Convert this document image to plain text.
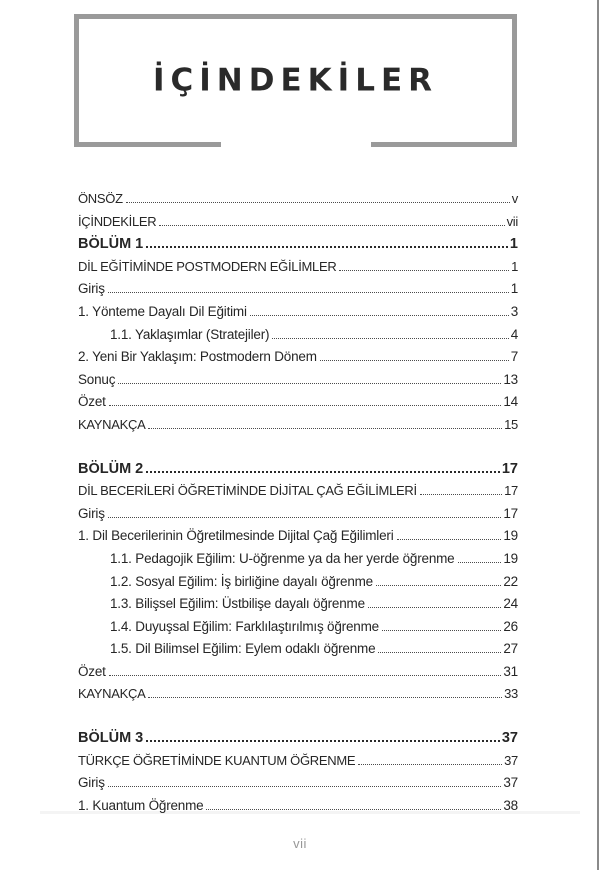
İÇİNDEKİLER
ÖNSÖZ	v
İÇİNDEKİLER	vii
BÖLÜM 1	1
DİL EĞİTİMİNDE POSTMODERN EĞİLİMLER	1
Giriş	1
1. Yönteme Dayalı Dil Eğitimi	3
1.1. Yaklaşımlar (Stratejiler)	4
2. Yeni Bir Yaklaşım: Postmodern Dönem	7
Sonuç	13
Özet	14
KAYNAKÇA	15
BÖLÜM 2	17
DİL BECERİLERİ ÖĞRETİMİNDE DİJİTAL ÇAĞ EĞİLİMLERİ	17
Giriş	17
1. Dil Becerilerinin Öğretilmesinde Dijital Çağ Eğilimleri	19
1.1. Pedagojik Eğilim: U-öğrenme ya da her yerde öğrenme	19
1.2. Sosyal Eğilim: İş birliğine dayalı öğrenme	22
1.3. Bilişsel Eğilim: Üstbilişe dayalı öğrenme	24
1.4. Duyuşsal Eğilim: Farklılaştırılmış öğrenme	26
1.5. Dil Bilimsel Eğilim: Eylem odaklı öğrenme	27
Özet	31
KAYNAKÇA	33
BÖLÜM 3	37
TÜRKÇE ÖĞRETİMİNDE KUANTUM ÖĞRENME	37
Giriş	37
1. Kuantum Öğrenme	38
vii
